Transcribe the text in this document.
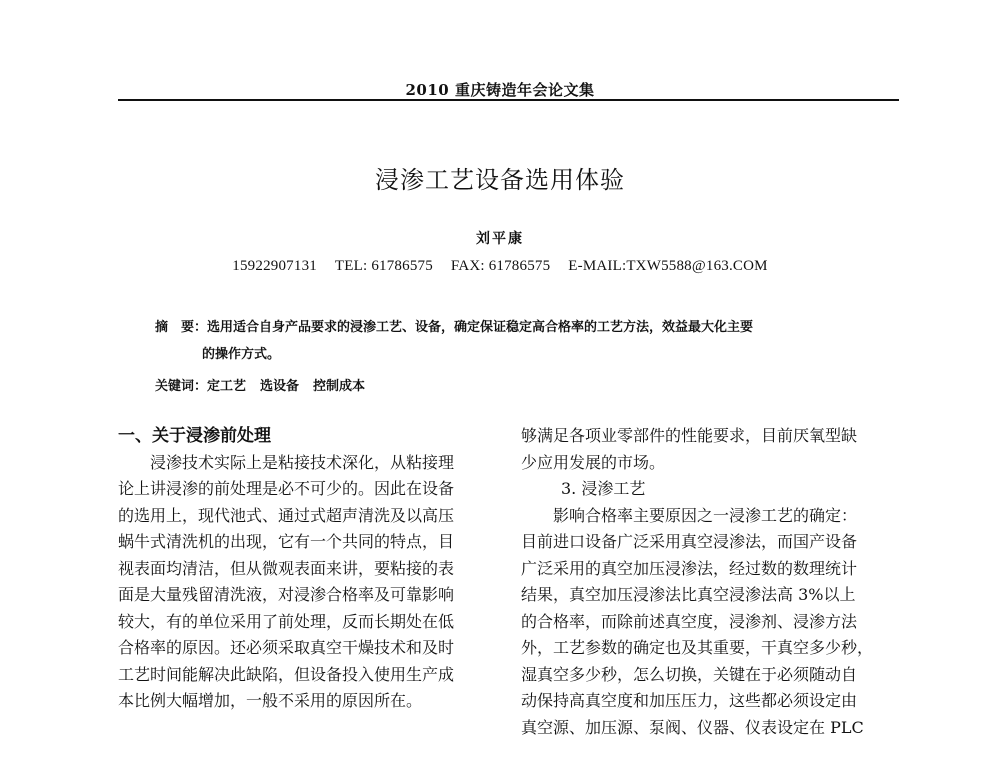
2010 重庆铸造年会论文集
浸渗工艺设备选用体验
刘平康
15922907131 TEL: 61786575 FAX: 61786575 E-MAIL:TXW5588@163.COM
摘　要：选用适合自身产品要求的浸渗工艺、设备，确定保证稳定高合格率的工艺方法，效益最大化主要
的操作方式。
关键词：定工艺 选设备 控制成本
一、关于浸渗前处理
浸渗技术实际上是粘接技术深化，从粘接理
论上讲浸渗的前处理是必不可少的。因此在设备
的选用上，现代池式、通过式超声清洗及以高压
蜗牛式清洗机的出现，它有一个共同的特点，目
视表面均清洁，但从微观表面来讲，要粘接的表
面是大量残留清洗液，对浸渗合格率及可靠影响
较大，有的单位采用了前处理，反而长期处在低
合格率的原因。还必须采取真空干燥技术和及时
工艺时间能解决此缺陷，但设备投入使用生产成
本比例大幅增加，一般不采用的原因所在。
够满足各项业零部件的性能要求，目前厌氧型缺
少应用发展的市场。
3. 浸渗工艺
影响合格率主要原因之一浸渗工艺的确定：
目前进口设备广泛采用真空浸渗法，而国产设备
广泛采用的真空加压浸渗法，经过数的数理统计
结果，真空加压浸渗法比真空浸渗法高 3%以上
的合格率，而除前述真空度，浸渗剂、浸渗方法
外，工艺参数的确定也及其重要，干真空多少秒，
湿真空多少秒，怎么切换，关键在于必须随动自
动保持高真空度和加压压力，这些都必须设定由
真空源、加压源、泵阀、仪器、仪表设定在 PLC
